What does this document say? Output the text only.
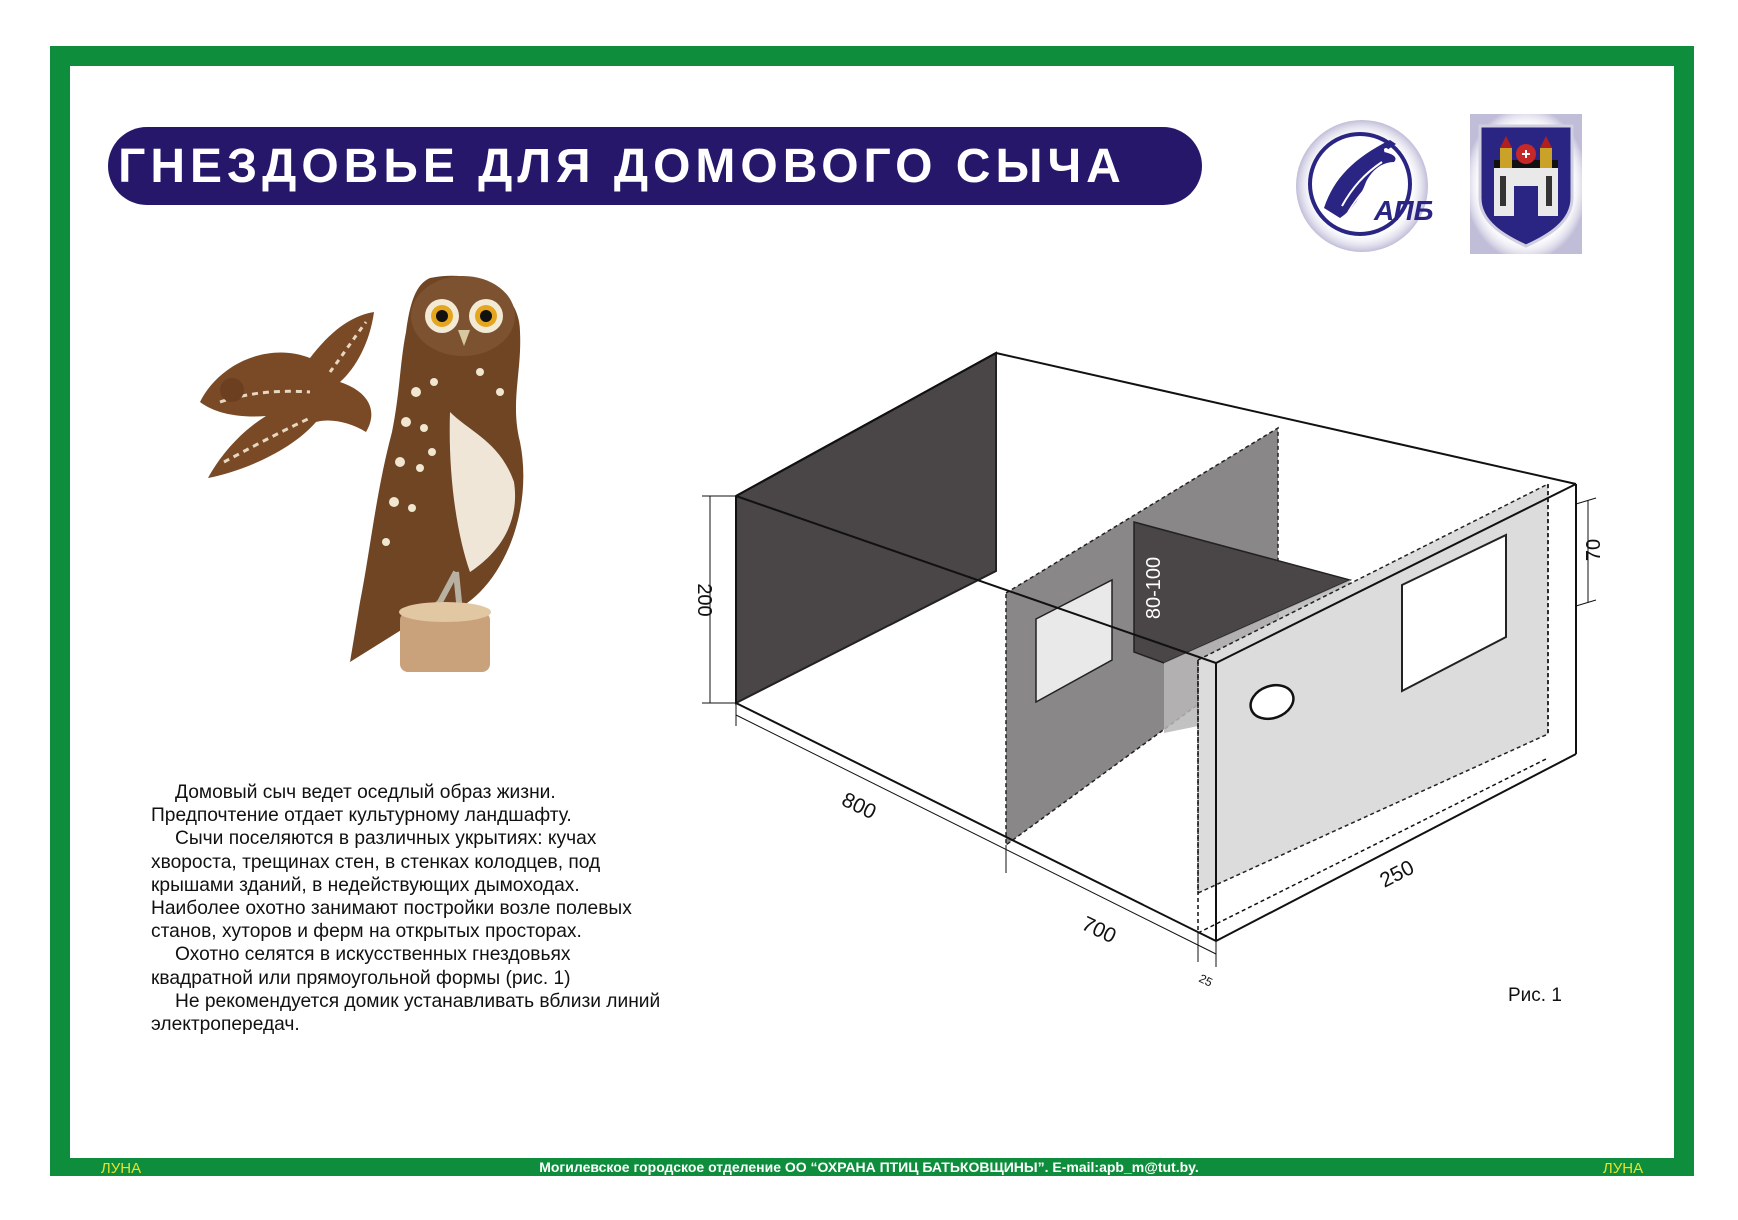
ГНЕЗДОВЬЕ ДЛЯ ДОМОВОГО СЫЧА
АПБ

Домовый сыч ведет оседлый образ жизни. Предпочтение отдает культурному ландшафту.

Сычи поселяются в различных укрытиях: кучах хвороста, трещинах стен, в стенках колодцев, под крышами зданий, в недействующих дымоходах. Наиболее охотно занимают постройки возле полевых станов, хуторов и ферм на открытых просторах.

Охотно селятся в искусственных гнездовьях квадратной или прямоугольной формы (рис. 1)

Не рекомендуется домик устанавливать вблизи линий электропередач.

200	80-100
70
800
700
250
25
Рис. 1
Могилевское городское отделение ОО “ОХРАНА ПТИЦ БАТЬКОВЩИНЫ”. E-mail:apb_m@tut.by.
ЛУНА	ЛУНА
